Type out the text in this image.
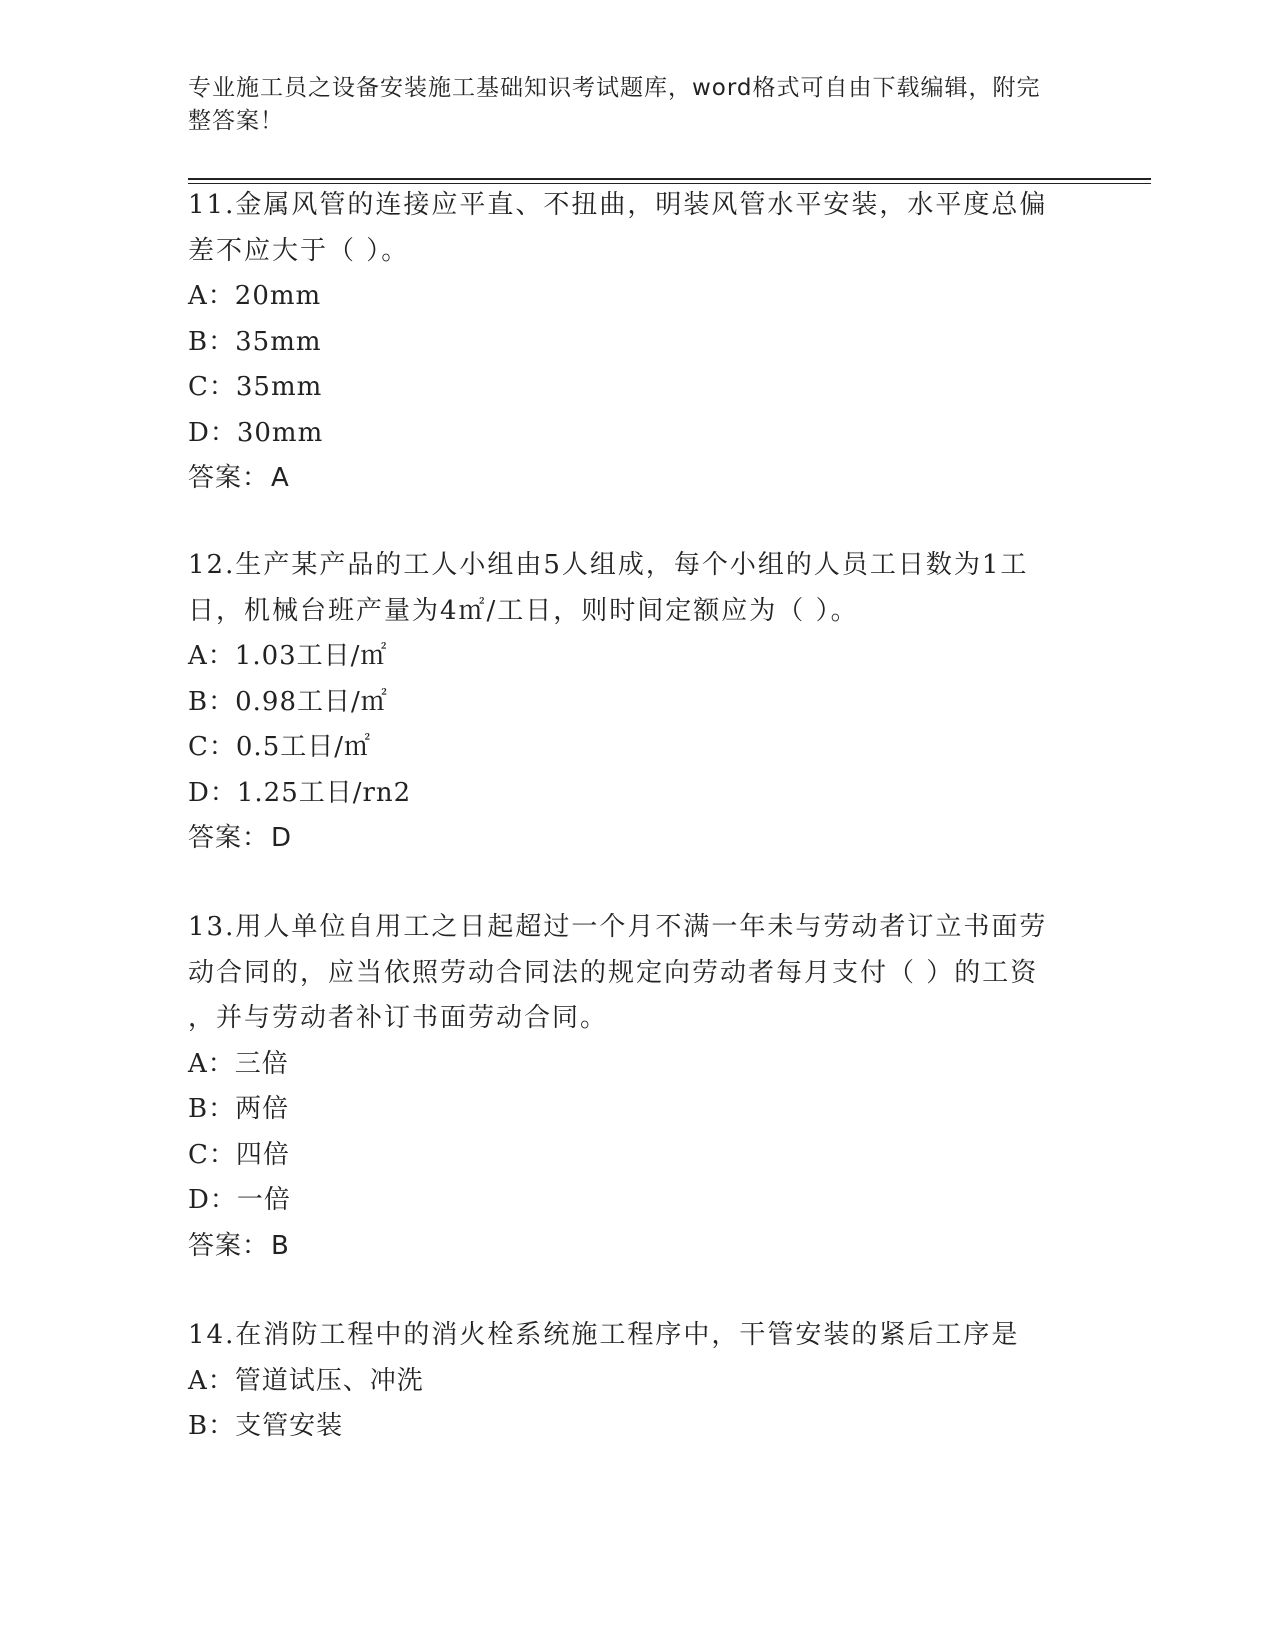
专业施工员之设备安装施工基础知识考试题库，word格式可自由下载编辑，附完
整答案！
11.金属风管的连接应平直、不扭曲，明装风管水平安装，水平度总偏
差不应大于（ ）。
A：20mm
B：35mm
C：35mm
D：30mm
答案：A
12.生产某产品的工人小组由5人组成，每个小组的人员工日数为1工
日，机械台班产量为4㎡/工日，则时间定额应为（ ）。
A：1.03工日/㎡
B：0.98工日/㎡
C：0.5工日/㎡
D：1.25工日/rn2
答案：D
13.用人单位自用工之日起超过一个月不满一年未与劳动者订立书面劳
动合同的，应当依照劳动合同法的规定向劳动者每月支付（ ）的工资
，并与劳动者补订书面劳动合同。
A：三倍
B：两倍
C：四倍
D：一倍
答案：B
14.在消防工程中的消火栓系统施工程序中，干管安装的紧后工序是
A：管道试压、冲洗
B：支管安装
